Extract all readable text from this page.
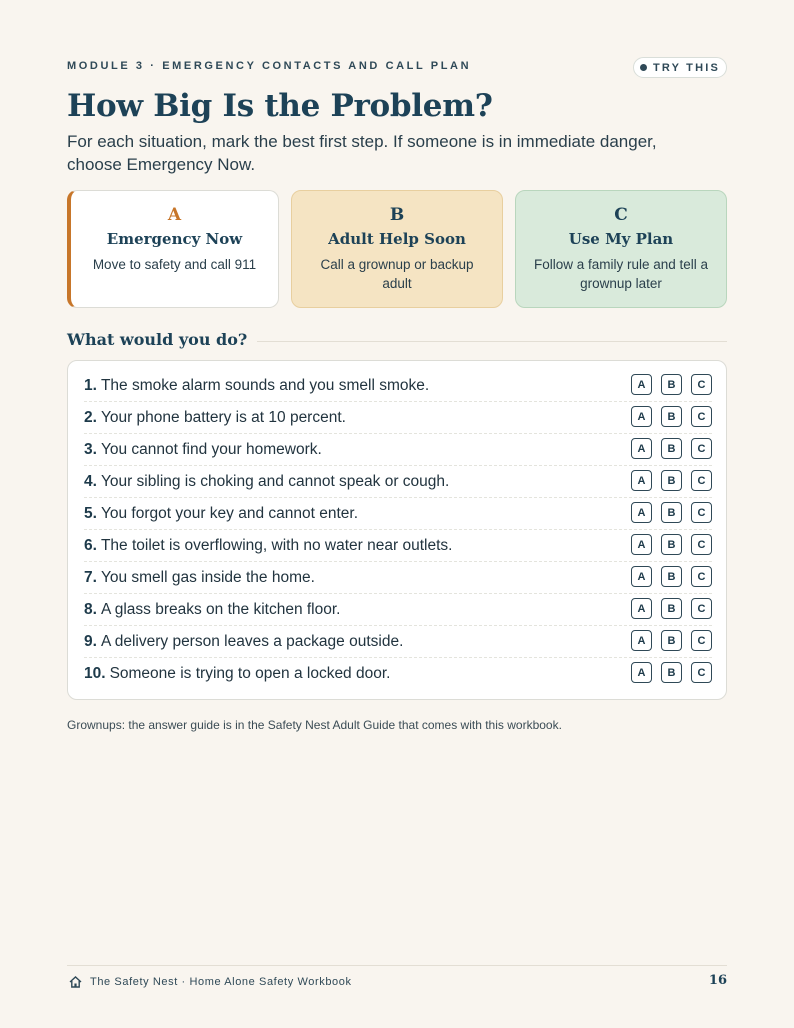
MODULE 3 · EMERGENCY CONTACTS AND CALL PLAN	TRY THIS
How Big Is the Problem?

For each situation, mark the best first step. If someone is in immediate danger, choose Emergency Now.

A
Emergency Now
Move to safety and call 911
B
Adult Help Soon
Call a grownup or backup adult
C
Use My Plan
Follow a family rule and tell a grownup later
What would you do?
1. The smoke alarm sounds and you smell smoke.	A	B	C
2. Your phone battery is at 10 percent.	A	B	C
3. You cannot find your homework.	A	B	C
4. Your sibling is choking and cannot speak or cough.	A	B	C
5. You forgot your key and cannot enter.	A	B	C
6. The toilet is overflowing, with no water near outlets.	A	B	C
7. You smell gas inside the home.	A	B	C
8. A glass breaks on the kitchen floor.	A	B	C
9. A delivery person leaves a package outside.	A	B	C
10. Someone is trying to open a locked door.	A	B	C

Grownups: the answer guide is in the Safety Nest Adult Guide that comes with this workbook.

The Safety Nest · Home Alone Safety Workbook	16
